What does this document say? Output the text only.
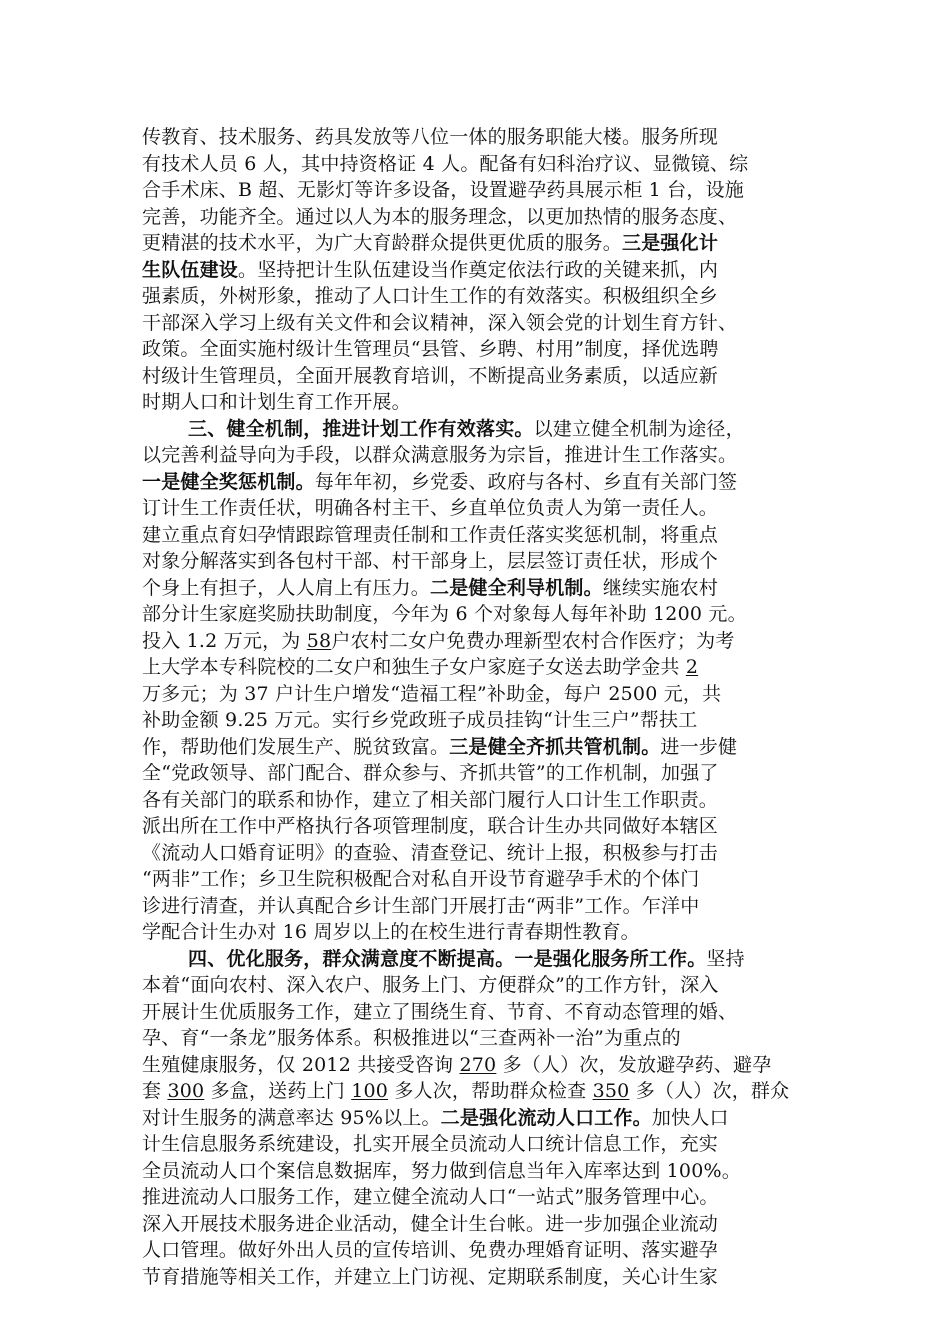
传教育、技术服务、药具发放等八位一体的服务职能大楼。服务所现
有技术人员 6 人，其中持资格证 4 人。配备有妇科治疗议、显微镜、综
合手术床、B 超、无影灯等许多设备，设置避孕药具展示柜 1 台，设施
完善，功能齐全。通过以人为本的服务理念，以更加热情的服务态度、
更精湛的技术水平，为广大育龄群众提供更优质的服务。三是强化计
生队伍建设。坚持把计生队伍建设当作奠定依法行政的关键来抓，内
强素质，外树形象，推动了人口计生工作的有效落实。积极组织全乡
干部深入学习上级有关文件和会议精神，深入领会党的计划生育方针、
政策。全面实施村级计生管理员“县管、乡聘、村用”制度，择优选聘
村级计生管理员，全面开展教育培训，不断提高业务素质，以适应新
时期人口和计划生育工作开展。
三、健全机制，推进计划工作有效落实。以建立健全机制为途径，
以完善利益导向为手段，以群众满意服务为宗旨，推进计生工作落实。
一是健全奖惩机制。每年年初，乡党委、政府与各村、乡直有关部门签
订计生工作责任状，明确各村主干、乡直单位负责人为第一责任人。
建立重点育妇孕情跟踪管理责任制和工作责任落实奖惩机制，将重点
对象分解落实到各包村干部、村干部身上，层层签订责任状，形成个
个身上有担子，人人肩上有压力。二是健全利导机制。继续实施农村
部分计生家庭奖励扶助制度，今年为 6 个对象每人每年补助 1200 元。
投入 1.2 万元，为 58户农村二女户免费办理新型农村合作医疗；为考
上大学本专科院校的二女户和独生子女户家庭子女送去助学金共 2
万多元；为 37 户计生户增发“造福工程”补助金，每户 2500 元，共
补助金额 9.25 万元。实行乡党政班子成员挂钩“计生三户”帮扶工
作，帮助他们发展生产、脱贫致富。三是健全齐抓共管机制。进一步健
全“党政领导、部门配合、群众参与、齐抓共管”的工作机制，加强了
各有关部门的联系和协作，建立了相关部门履行人口计生工作职责。
派出所在工作中严格执行各项管理制度，联合计生办共同做好本辖区
《流动人口婚育证明》的查验、清查登记、统计上报，积极参与打击
“两非”工作；乡卫生院积极配合对私自开设节育避孕手术的个体门
诊进行清查，并认真配合乡计生部门开展打击“两非”工作。乍洋中
学配合计生办对 16 周岁以上的在校生进行青春期性教育。
四、优化服务，群众满意度不断提高。一是强化服务所工作。坚持
本着“面向农村、深入农户、服务上门、方便群众”的工作方针，深入
开展计生优质服务工作，建立了围绕生育、节育、不育动态管理的婚、
孕、育“一条龙”服务体系。积极推进以“三查两补一治”为重点的
生殖健康服务，仅 2012 共接受咨询 270 多（人）次，发放避孕药、避孕
套 300 多盒，送药上门 100 多人次，帮助群众检查 350 多（人）次，群众
对计生服务的满意率达 95%以上。二是强化流动人口工作。加快人口
计生信息服务系统建设，扎实开展全员流动人口统计信息工作，充实
全员流动人口个案信息数据库，努力做到信息当年入库率达到 100%。
推进流动人口服务工作，建立健全流动人口“一站式”服务管理中心。
深入开展技术服务进企业活动，健全计生台帐。进一步加强企业流动
人口管理。做好外出人员的宣传培训、免费办理婚育证明、落实避孕
节育措施等相关工作，并建立上门访视、定期联系制度，关心计生家
